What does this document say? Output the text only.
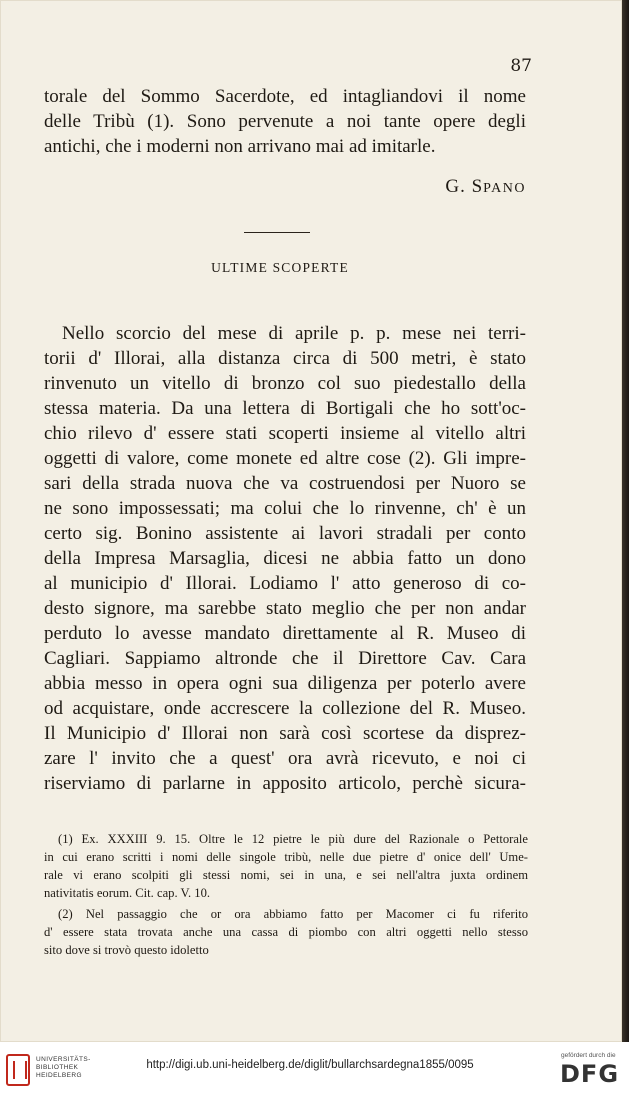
87
torale del Sommo Sacerdote, ed intagliandovi il nome
delle Tribù (1). Sono pervenute a noi tante opere degli
antichi, che i moderni non arrivano mai ad imitarle.
G. SPANO
ULTIME SCOPERTE
Nello scorcio del mese di aprile p. p. mese nei terri-
torii d' Illorai, alla distanza circa di 500 metri, è stato
rinvenuto un vitello di bronzo col suo piedestallo della
stessa materia. Da una lettera di Bortigali che ho sott'oc-
chio rilevo d' essere stati scoperti insieme al vitello altri
oggetti di valore, come monete ed altre cose (2). Gli impre-
sari della strada nuova che va costruendosi per Nuoro se
ne sono impossessati; ma colui che lo rinvenne, ch' è un
certo sig. Bonino assistente ai lavori stradali per conto
della Impresa Marsaglia, dicesi ne abbia fatto un dono
al municipio d' Illorai. Lodiamo l' atto generoso di co-
desto signore, ma sarebbe stato meglio che per non andar
perduto lo avesse mandato direttamente al R. Museo di
Cagliari. Sappiamo altronde che il Direttore Cav. Cara
abbia messo in opera ogni sua diligenza per poterlo avere
od acquistare, onde accrescere la collezione del R. Museo.
Il Municipio d' Illorai non sarà così scortese da disprez-
zare l' invito che a quest' ora avrà ricevuto, e noi ci
riserviamo di parlarne in apposito articolo, perchè sicura-
(1) Ex. XXXIII 9. 15. Oltre le 12 pietre le più dure del Razionale o Pettorale
in cui erano scritti i nomi delle singole tribù, nelle due pietre d' onice dell' Ume-
rale vi erano scolpiti gli stessi nomi, sei in una, e sei nell'altra juxta ordinem
nativitatis eorum. Cit. cap. V. 10.
(2) Nel passaggio che or ora abbiamo fatto per Macomer ci fu riferito
d' essere stata trovata anche una cassa di piombo con altri oggetti nello stesso
sito dove si trovò questo idoletto
UNIVERSITÄTS-
BIBLIOTHEK
HEIDELBERG
http://digi.ub.uni-heidelberg.de/diglit/bullarchsardegna1855/0095
gefördert durch die
DFG
